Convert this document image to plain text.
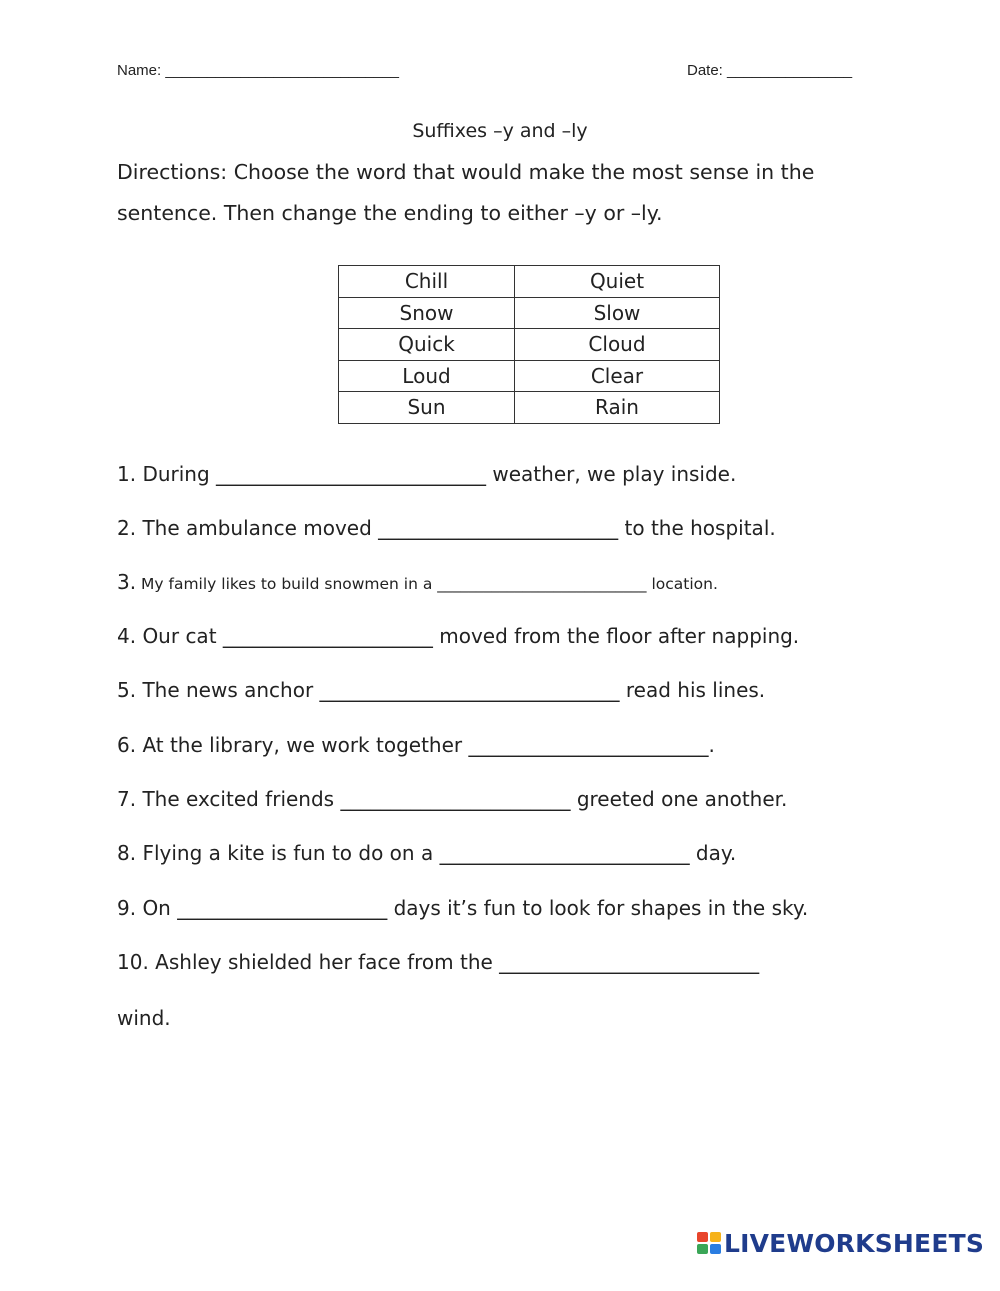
Name: ____________________________	Date: _______________
Suffixes –y and –ly
Directions: Choose the word that would make the most sense in the
sentence. Then change the ending to either –y or –ly.
Chill	Quiet
Snow	Slow
Quick	Cloud
Loud	Clear
Sun	Rain
1. During ___________________________ weather, we play inside.
2. The ambulance moved ________________________ to the hospital.
3. My family likes to build snowmen in a ___________________________ location.
4. Our cat _____________________ moved from the floor after napping.
5. The news anchor ______________________________ read his lines.
6. At the library, we work together ________________________.
7. The excited friends _______________________ greeted one another.
8. Flying a kite is fun to do on a _________________________ day.
9. On _____________________ days it’s fun to look for shapes in the sky.
10. Ashley shielded her face from the __________________________
wind.
LIVEWORKSHEETS
